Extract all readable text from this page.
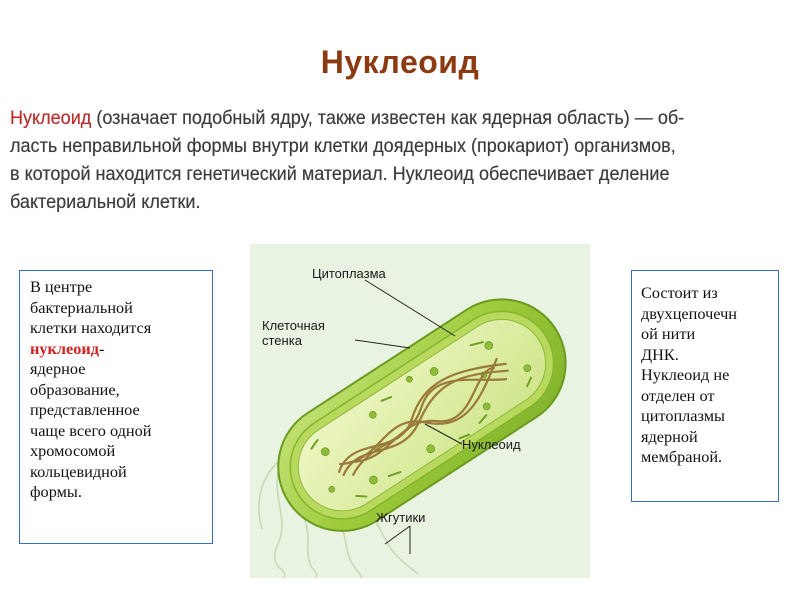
Нуклеоид
Нуклеоид (означает подобный ядру, также известен как ядерная область) — об-
ласть неправильной формы внутри клетки доядерных (прокариот) организмов,
в которой находится генетический материал. Нуклеоид обеспечивает деление
бактериальной клетки.
В центре
бактериальной
клетки находится
нуклеоид-
ядерное
образование,
представленное
чаще всего одной
хромосомой
кольцевидной
формы.
Состоит из
двухцепочечн
ой нити
ДНК.
Нуклеоид не
отделен от
цитоплазмы
ядерной
мембраной.
Цитоплазма
Клеточная
стенка
Нуклеоид
Жгутики
